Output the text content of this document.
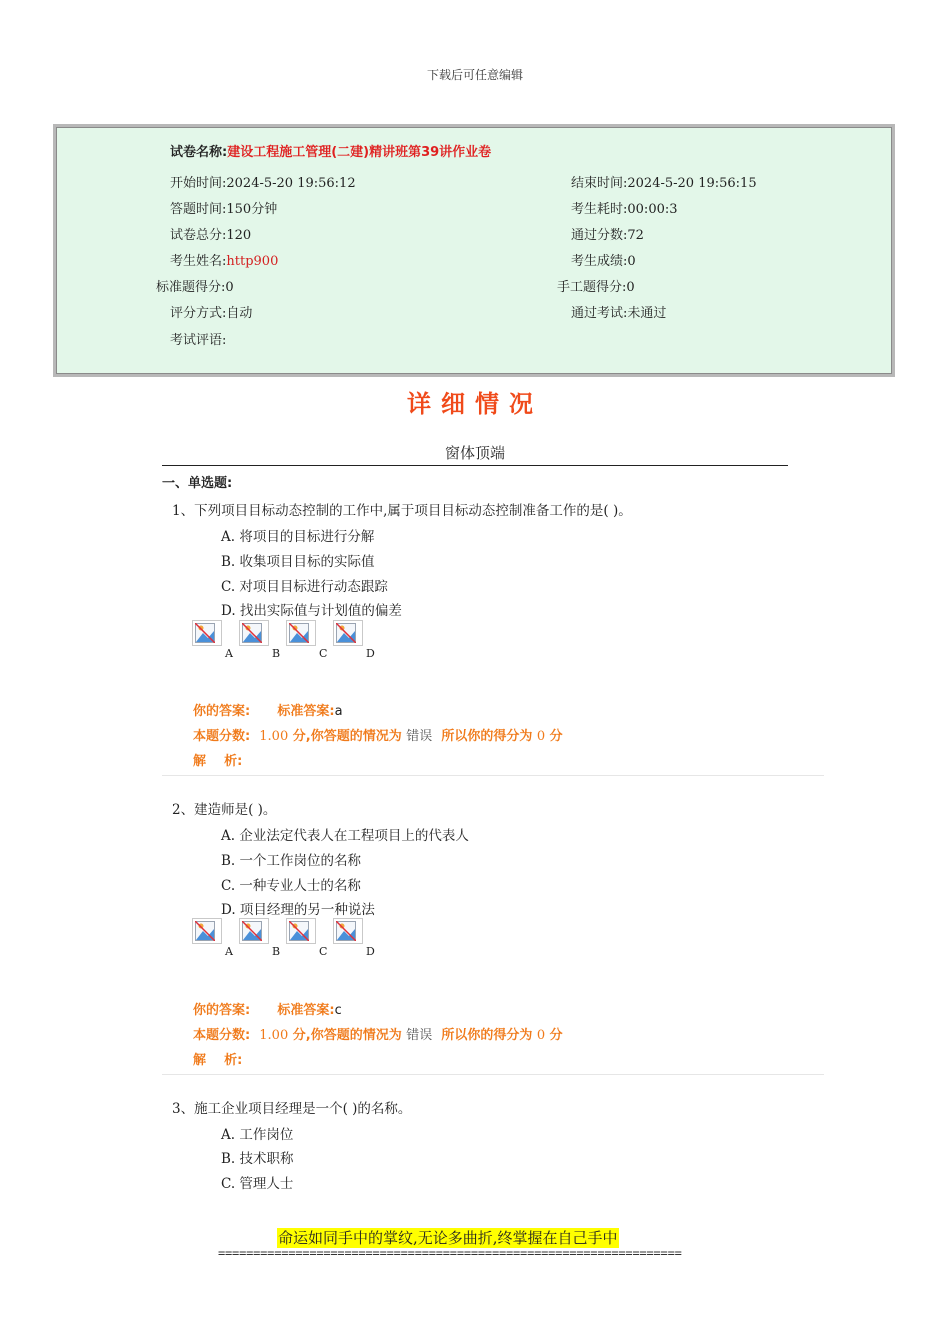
下载后可任意编辑
试卷名称:建设工程施工管理(二建)精讲班第39讲作业卷
开始时间:2024-5-20 19:56:12	结束时间:2024-5-20 19:56:15
答题时间:150分钟	考生耗时:00:00:3
试卷总分:120	通过分数:72
考生姓名:http900	考生成绩:0
标准题得分:0	手工题得分:0
评分方式:自动	通过考试:未通过
考试评语:
详细情况
窗体顶端
一、单选题:
1、下列项目目标动态控制的工作中,属于项目目标动态控制准备工作的是( )。
A. 将项目的目标进行分解
B. 收集项目目标的实际值
C. 对项目目标进行动态跟踪
D. 找出实际值与计划值的偏差
A	B	C	D
你的答案: 标准答案:a
本题分数: 1.00 分,你答题的情况为 错误 所以你的得分为 0 分
解    析:
2、建造师是( )。
A. 企业法定代表人在工程项目上的代表人
B. 一个工作岗位的名称
C. 一种专业人士的名称
D. 项目经理的另一种说法
A	B	C	D
你的答案: 标准答案:c
本题分数: 1.00 分,你答题的情况为 错误 所以你的得分为 0 分
解    析:
3、施工企业项目经理是一个( )的名称。
A. 工作岗位
B. 技术职称
C. 管理人士
命运如同手中的掌纹,无论多曲折,终掌握在自己手中
==================================================================
